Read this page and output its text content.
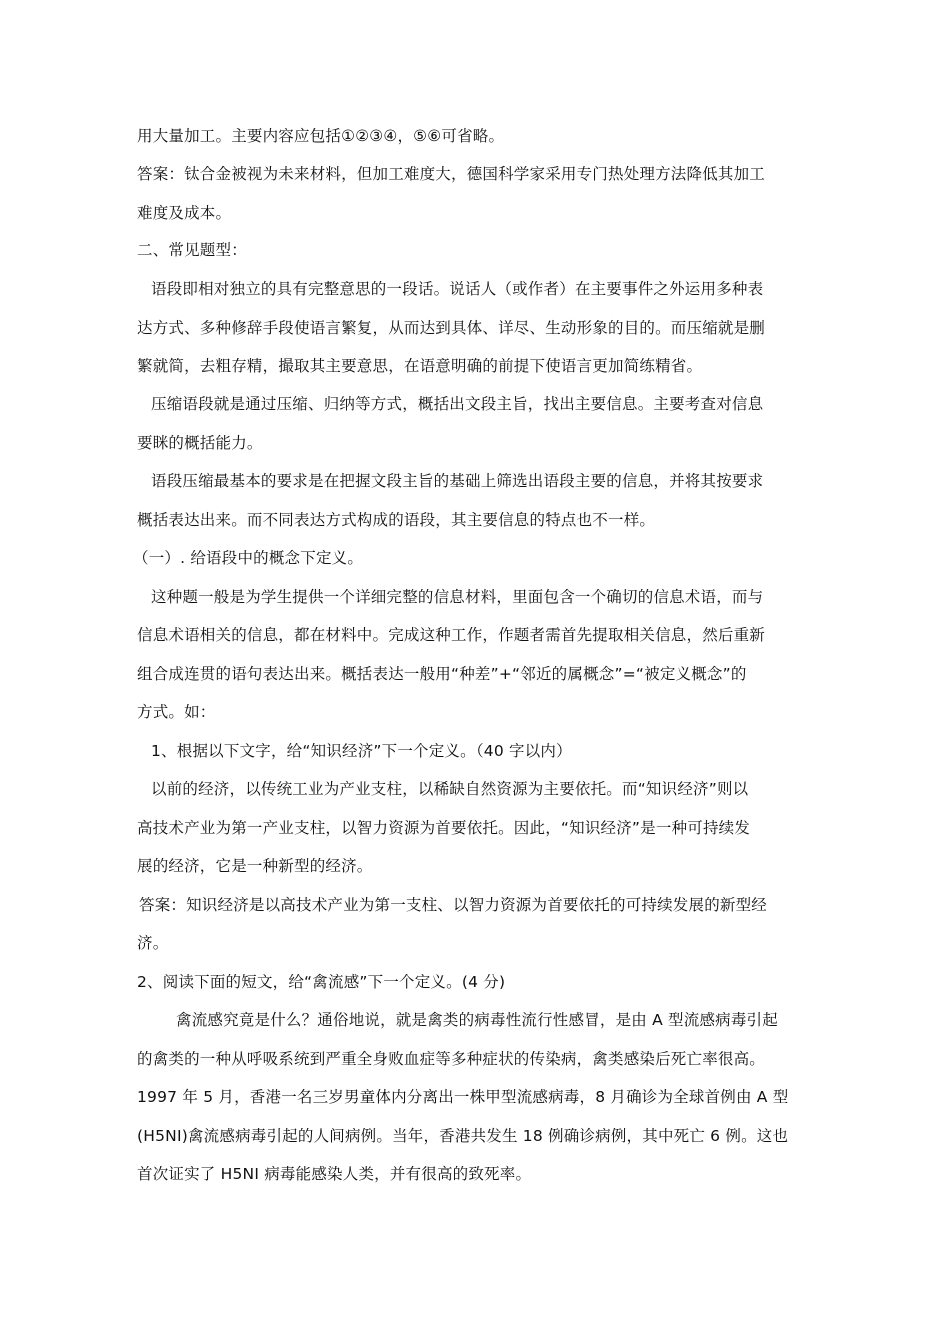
用大量加工。主要内容应包括①②③④，⑤⑥可省略。
答案：钛合金被视为未来材料，但加工难度大，德国科学家采用专门热处理方法降低其加工
难度及成本。
二、常见题型：
语段即相对独立的具有完整意思的一段话。说话人（或作者）在主要事件之外运用多种表
达方式、多种修辞手段使语言繁复，从而达到具体、详尽、生动形象的目的。而压缩就是删
繁就简，去粗存精，撮取其主要意思，在语意明确的前提下使语言更加简练精省。
压缩语段就是通过压缩、归纳等方式，概括出文段主旨，找出主要信息。主要考查对信息
要眯的概括能力。
语段压缩最基本的要求是在把握文段主旨的基础上筛选出语段主要的信息，并将其按要求
概括表达出来。而不同表达方式构成的语段，其主要信息的特点也不一样。
（一）. 给语段中的概念下定义。
这种题一般是为学生提供一个详细完整的信息材料，里面包含一个确切的信息术语，而与
信息术语相关的信息，都在材料中。完成这种工作，作题者需首先提取相关信息，然后重新
组合成连贯的语句表达出来。概括表达一般用“种差”+“邻近的属概念”=“被定义概念”的
方式。如：
1、根据以下文字，给“知识经济”下一个定义。（40 字以内）
以前的经济，以传统工业为产业支柱，以稀缺自然资源为主要依托。而“知识经济”则以
高技术产业为第一产业支柱，以智力资源为首要依托。因此，“知识经济”是一种可持续发
展的经济，它是一种新型的经济。
答案：知识经济是以高技术产业为第一支柱、以智力资源为首要依托的可持续发展的新型经
济。
2、阅读下面的短文，给“禽流感”下一个定义。(4 分)
禽流感究竟是什么？通俗地说，就是禽类的病毒性流行性感冒，是由 A 型流感病毒引起
的禽类的一种从呼吸系统到严重全身败血症等多种症状的传染病，禽类感染后死亡率很高。
1997 年 5 月，香港一名三岁男童体内分离出一株甲型流感病毒，8 月确诊为全球首例由 A 型
(H5NI)禽流感病毒引起的人间病例。当年，香港共发生 18 例确诊病例，其中死亡 6 例。这也
首次证实了 H5NI 病毒能感染人类，并有很高的致死率。
